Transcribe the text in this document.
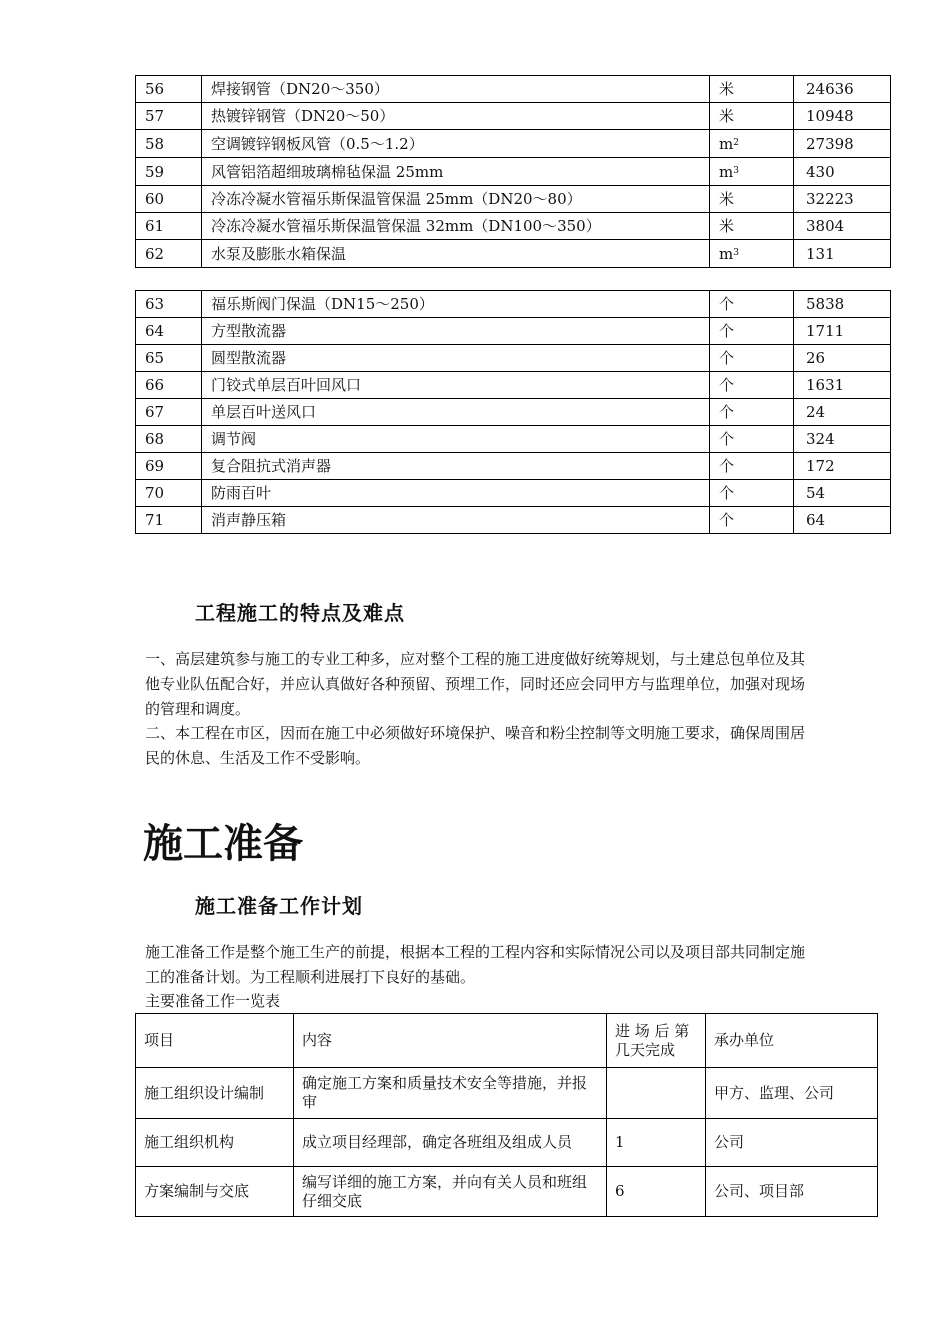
56	焊接钢管（DN20～350）	米	24636
57	热镀锌钢管（DN20～50）	米	10948
58	空调镀锌钢板风管（0.5～1.2）	$m^2$	27398
59	风管铝箔超细玻璃棉毡保温 25mm	$m^3$	430
60	冷冻冷凝水管福乐斯保温管保温 25mm（DN20～80）	米	32223
61	冷冻冷凝水管福乐斯保温管保温 32mm（DN100～350）	米	3804
62	水泵及膨胀水箱保温	$m^3$	131
63	福乐斯阀门保温（DN15～250）	个	5838
64	方型散流器	个	1711
65	圆型散流器	个	26
66	门铰式单层百叶回风口	个	1631
67	单层百叶送风口	个	24
68	调节阀	个	324
69	复合阻抗式消声器	个	172
70	防雨百叶	个	54
71	消声静压箱	个	64
工程施工的特点及难点

一、高层建筑参与施工的专业工种多，应对整个工程的施工进度做好统筹规划，与土建总包单位及其他专业队伍配合好，并应认真做好各种预留、预埋工作，同时还应会同甲方与监理单位，加强对现场的管理和调度。

二、本工程在市区，因而在施工中必须做好环境保护、噪音和粉尘控制等文明施工要求，确保周围居民的休息、生活及工作不受影响。

施工准备
施工准备工作计划

施工准备工作是整个施工生产的前提，根据本工程的工程内容和实际情况公司以及项目部共同制定施工的准备计划。为工程顺利进展打下良好的基础。

主要准备工作一览表
项目	内容	进 场 后 第 几天完成	承办单位
施工组织设计编制	确定施工方案和质量技术安全等措施，并报审		甲方、监理、公司
施工组织机构	成立项目经理部，确定各班组及组成人员	1	公司
方案编制与交底	编写详细的施工方案，并向有关人员和班组仔细交底	6	公司、项目部
